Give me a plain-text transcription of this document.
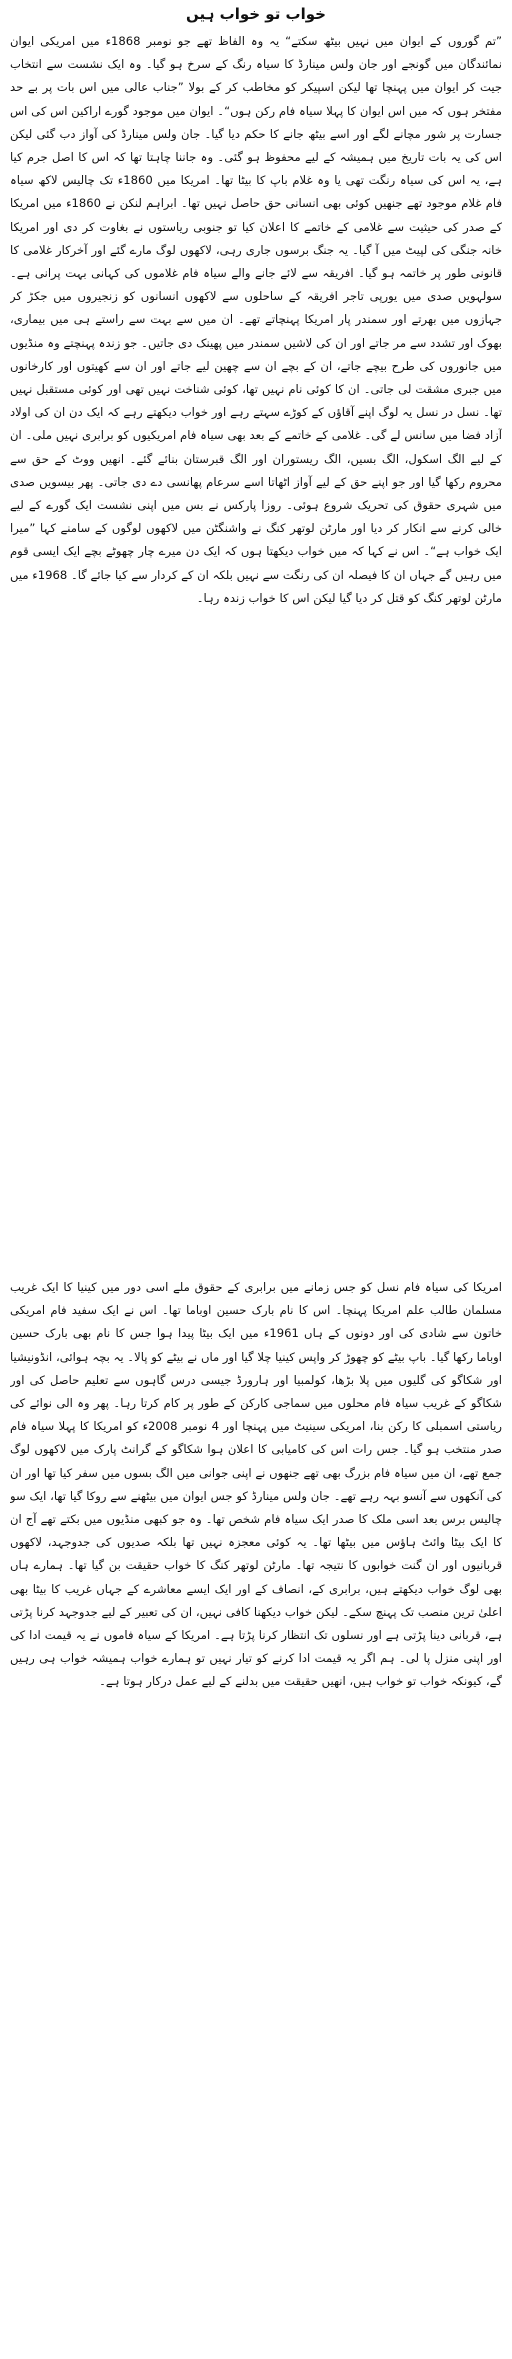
خواب تو خواب ہیں

”تم گوروں کے ایوان میں نہیں بیٹھ سکتے“ یہ وہ الفاظ تھے جو نومبر 1868ء میں امریکی ایوان نمائندگان میں گونجے اور جان ولس مینارڈ کا سیاہ رنگ کے سرخ ہو گیا۔ وہ ایک نشست سے انتخاب جیت کر ایوان میں پہنچا تھا لیکن اسپیکر کو مخاطب کر کے بولا ”جناب عالی میں اس بات پر بے حد مفتخر ہوں کہ میں اس ایوان کا پہلا سیاہ فام رکن ہوں“۔ ایوان میں موجود گورے اراکین اس کی اس جسارت پر شور مچانے لگے اور اسے بیٹھ جانے کا حکم دیا گیا۔ جان ولس مینارڈ کی آواز دب گئی لیکن اس کی یہ بات تاریخ میں ہمیشہ کے لیے محفوظ ہو گئی۔ وہ جاننا چاہتا تھا کہ اس کا اصل جرم کیا ہے، یہ اس کی سیاہ رنگت تھی یا وہ غلام باپ کا بیٹا تھا۔ امریکا میں 1860ء تک چالیس لاکھ سیاہ فام غلام موجود تھے جنھیں کوئی بھی انسانی حق حاصل نہیں تھا۔ ابراہم لنکن نے 1860ء میں امریکا کے صدر کی حیثیت سے غلامی کے خاتمے کا اعلان کیا تو جنوبی ریاستوں نے بغاوت کر دی اور امریکا خانہ جنگی کی لپیٹ میں آ گیا۔ یہ جنگ برسوں جاری رہی، لاکھوں لوگ مارے گئے اور آخرکار غلامی کا قانونی طور پر خاتمہ ہو گیا۔ افریقہ سے لائے جانے والے سیاہ فام غلاموں کی کہانی بہت پرانی ہے۔ سولہویں صدی میں یورپی تاجر افریقہ کے ساحلوں سے لاکھوں انسانوں کو زنجیروں میں جکڑ کر جہازوں میں بھرتے اور سمندر پار امریکا پہنچاتے تھے۔ ان میں سے بہت سے راستے ہی میں بیماری، بھوک اور تشدد سے مر جاتے اور ان کی لاشیں سمندر میں پھینک دی جاتیں۔ جو زندہ پہنچتے وہ منڈیوں میں جانوروں کی طرح بیچے جاتے، ان کے بچے ان سے چھین لیے جاتے اور ان سے کھیتوں اور کارخانوں میں جبری مشقت لی جاتی۔ ان کا کوئی نام نہیں تھا، کوئی شناخت نہیں تھی اور کوئی مستقبل نہیں تھا۔ نسل در نسل یہ لوگ اپنے آقاؤں کے کوڑے سہتے رہے اور خواب دیکھتے رہے کہ ایک دن ان کی اولاد آزاد فضا میں سانس لے گی۔ غلامی کے خاتمے کے بعد بھی سیاہ فام امریکیوں کو برابری نہیں ملی۔ ان کے لیے الگ اسکول، الگ بسیں، الگ ریستوران اور الگ قبرستان بنائے گئے۔ انھیں ووٹ کے حق سے محروم رکھا گیا اور جو اپنے حق کے لیے آواز اٹھاتا اسے سرعام پھانسی دے دی جاتی۔ پھر بیسویں صدی میں شہری حقوق کی تحریک شروع ہوئی۔ روزا پارکس نے بس میں اپنی نشست ایک گورے کے لیے خالی کرنے سے انکار کر دیا اور مارٹن لوتھر کنگ نے واشنگٹن میں لاکھوں لوگوں کے سامنے کہا ”میرا ایک خواب ہے“۔ اس نے کہا کہ میں خواب دیکھتا ہوں کہ ایک دن میرے چار چھوٹے بچے ایک ایسی قوم میں رہیں گے جہاں ان کا فیصلہ ان کی رنگت سے نہیں بلکہ ان کے کردار سے کیا جائے گا۔ 1968ء میں مارٹن لوتھر کنگ کو قتل کر دیا گیا لیکن اس کا خواب زندہ رہا۔

امریکا کی سیاہ فام نسل کو جس زمانے میں برابری کے حقوق ملے اسی دور میں کینیا کا ایک غریب مسلمان طالب علم امریکا پہنچا۔ اس کا نام بارک حسین اوباما تھا۔ اس نے ایک سفید فام امریکی خاتون سے شادی کی اور دونوں کے ہاں 1961ء میں ایک بیٹا پیدا ہوا جس کا نام بھی بارک حسین اوباما رکھا گیا۔ باپ بیٹے کو چھوڑ کر واپس کینیا چلا گیا اور ماں نے بیٹے کو پالا۔ یہ بچہ ہوائی، انڈونیشیا اور شکاگو کی گلیوں میں پلا بڑھا، کولمبیا اور ہارورڈ جیسی درس گاہوں سے تعلیم حاصل کی اور شکاگو کے غریب سیاہ فام محلوں میں سماجی کارکن کے طور پر کام کرتا رہا۔ پھر وہ الی نوائے کی ریاستی اسمبلی کا رکن بنا، امریکی سینیٹ میں پہنچا اور 4 نومبر 2008ء کو امریکا کا پہلا سیاہ فام صدر منتخب ہو گیا۔ جس رات اس کی کامیابی کا اعلان ہوا شکاگو کے گرانٹ پارک میں لاکھوں لوگ جمع تھے، ان میں سیاہ فام بزرگ بھی تھے جنھوں نے اپنی جوانی میں الگ بسوں میں سفر کیا تھا اور ان کی آنکھوں سے آنسو بہہ رہے تھے۔ جان ولس مینارڈ کو جس ایوان میں بیٹھنے سے روکا گیا تھا، ایک سو چالیس برس بعد اسی ملک کا صدر ایک سیاہ فام شخص تھا۔ وہ جو کبھی منڈیوں میں بکتے تھے آج ان کا ایک بیٹا وائٹ ہاؤس میں بیٹھا تھا۔ یہ کوئی معجزہ نہیں تھا بلکہ صدیوں کی جدوجہد، لاکھوں قربانیوں اور ان گنت خوابوں کا نتیجہ تھا۔ مارٹن لوتھر کنگ کا خواب حقیقت بن گیا تھا۔ ہمارے ہاں بھی لوگ خواب دیکھتے ہیں، برابری کے، انصاف کے اور ایک ایسے معاشرے کے جہاں غریب کا بیٹا بھی اعلیٰ ترین منصب تک پہنچ سکے۔ لیکن خواب دیکھنا کافی نہیں، ان کی تعبیر کے لیے جدوجہد کرنا پڑتی ہے، قربانی دینا پڑتی ہے اور نسلوں تک انتظار کرنا پڑتا ہے۔ امریکا کے سیاہ فاموں نے یہ قیمت ادا کی اور اپنی منزل پا لی۔ ہم اگر یہ قیمت ادا کرنے کو تیار نہیں تو ہمارے خواب ہمیشہ خواب ہی رہیں گے، کیونکہ خواب تو خواب ہیں، انھیں حقیقت میں بدلنے کے لیے عمل درکار ہوتا ہے۔
